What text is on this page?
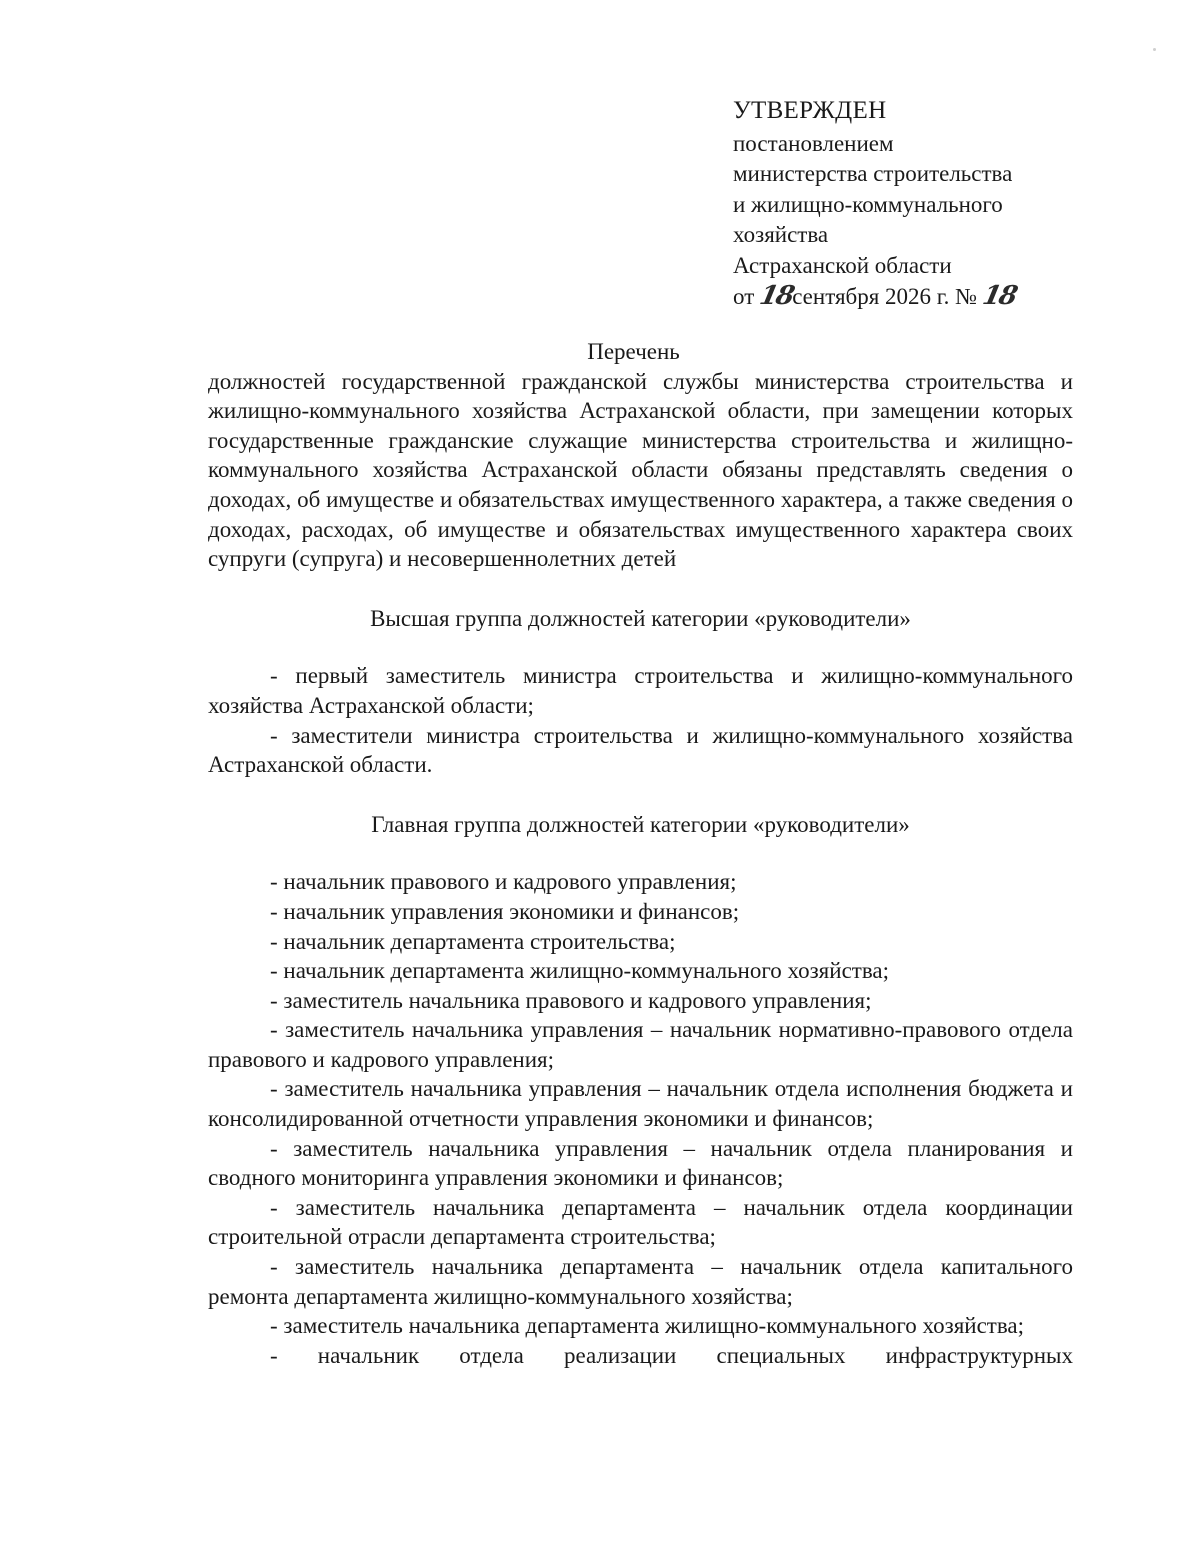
УТВЕРЖДЕН
постановлением
министерства строительства
и жилищно-коммунального
хозяйства
Астраханской области
от 18сентября 2026 г. № 18

Перечень

должностей государственной гражданской службы министерства строительства и жилищно-коммунального хозяйства Астраханской области, при замещении которых государственные гражданские служащие министерства строительства и жилищно-коммунального хозяйства Астраханской области обязаны представлять сведения о доходах, об имуществе и обязательствах имущественного характера, а также сведения о доходах, расходах, об имуществе и обязательствах имущественного характера своих супруги (супруга) и несовершеннолетних детей

Высшая группа должностей категории «руководители»

- первый заместитель министра строительства и жилищно-коммунального хозяйства Астраханской области;

- заместители министра строительства и жилищно-коммунального хозяйства Астраханской области.

Главная группа должностей категории «руководители»

- начальник правового и кадрового управления;

- начальник управления экономики и финансов;

- начальник департамента строительства;

- начальник департамента жилищно-коммунального хозяйства;

- заместитель начальника правового и кадрового управления;

- заместитель начальника управления – начальник нормативно-правового отдела правового и кадрового управления;

- заместитель начальника управления – начальник отдела исполнения бюджета и консолидированной отчетности управления экономики и финансов;

- заместитель начальника управления – начальник отдела планирования и сводного мониторинга управления экономики и финансов;

- заместитель начальника департамента – начальник отдела координации строительной отрасли департамента строительства;

- заместитель начальника департамента – начальник отдела капитального ремонта департамента жилищно-коммунального хозяйства;

- заместитель начальника департамента жилищно-коммунального хозяйства;

- начальник отдела реализации специальных инфраструктурных
